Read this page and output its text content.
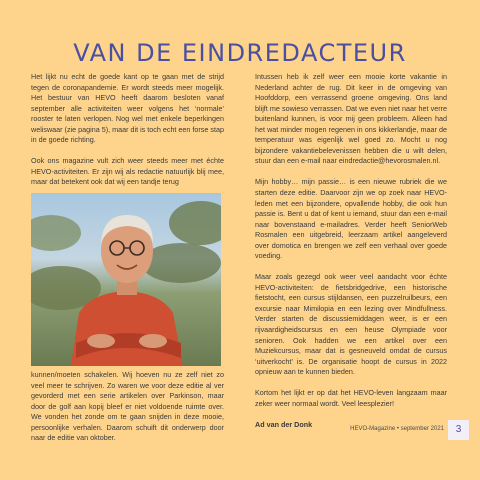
VAN DE EINDREDACTEUR

Het lijkt nu echt de goede kant op te gaan met de strijd tegen de coronapandemie. Er wordt steeds meer mogelijk. Het bestuur van HEVO heeft daarom besloten vanaf september alle activiteiten weer volgens het ‘normale’ rooster te laten verlopen. Nog wel met enkele beperkingen weliswaar (zie pagina 5), maar dit is toch echt een forse stap in de goede richting.

Ook ons magazine vult zich weer steeds meer met échte HEVO-activiteiten. Er zijn wij als redactie natuurlijk blij mee, maar dat betekent ook dat wij een tandje terug

kunnen/moeten schakelen. Wij hoeven nu ze zelf niet zo veel meer te schrijven. Zo waren we voor deze editie al ver gevorderd met een serie artikelen over Parkinson, maar door de golf aan kopij bleef er niet voldoende ruimte over. We vonden het zonde om te gaan snijden in deze mooie, persoonlijke verhalen. Daarom schuift dit onderwerp door naar de editie van oktober.

Intussen heb ik zelf weer een mooie korte vakantie in Nederland achter de rug. Dit keer in de omgeving van Hoofddorp, een verrassend groene omgeving. Ons land blijft me sowieso verrassen. Dat we even niet naar het verre buitenland kunnen, is voor mij geen probleem. Alleen had het wat minder mogen regenen in ons kikkerlandje, maar de temperatuur was eigenlijk wel goed zo. Mocht u nog bijzondere vakantiebelevenissen hebben die u wilt delen, stuur dan een e-mail naar eindredactie@hevorosmalen.nl.

Mijn hobby… mijn passie… is een nieuwe rubriek die we starten deze editie. Daarvoor zijn we op zoek naar HEVO-leden met een bijzondere, opvallende hobby, die ook hun passie is. Bent u dat of kent u iemand, stuur dan een e-mail naar bovenstaand e-mailadres. Verder heeft SeniorWeb Rosmalen een uitgebreid, leerzaam artikel aangeleverd over domotica en brengen we zelf een verhaal over goede voeding.

Maar zoals gezegd ook weer veel aandacht voor échte HEVO-activiteiten: de fietsbridgedrive, een historische fietstocht, een cursus stijldansen, een puzzelruilbeurs, een excursie naar Mimilopia en een lezing over Mindfullness. Verder starten de discussiemiddagen weer, is er een rijvaardigheidscursus en een heuse Olympiade voor senioren. Ook hadden we een artikel over een Muziekcursus, maar dat is gesneuveld omdat de cursus ‘uitverkocht’ is. De organisatie hoopt de cursus in 2022 opnieuw aan te kunnen bieden.

Kortom het lijkt er op dat het HEVO-leven langzaam maar zeker weer normaal wordt. Veel leesplezier!

Ad van der Donk

HEVO-Magazine • september 2021	3
